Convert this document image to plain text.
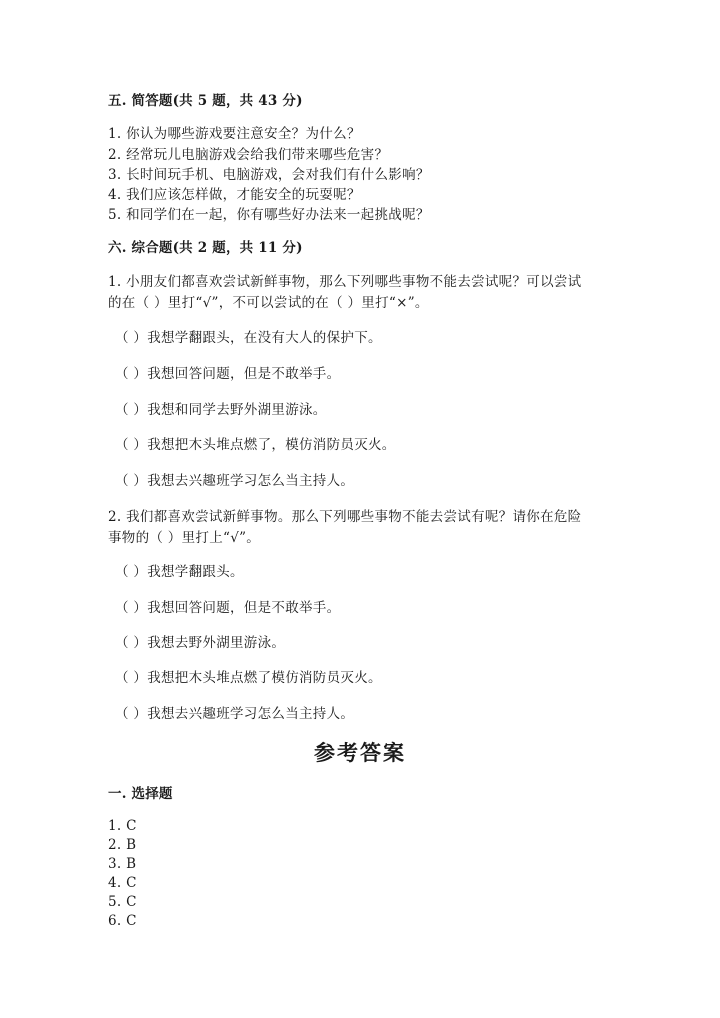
五. 简答题(共 5 题，共 43 分)
1. 你认为哪些游戏要注意安全？为什么？
2. 经常玩儿电脑游戏会给我们带来哪些危害？
3. 长时间玩手机、电脑游戏，会对我们有什么影响？
4. 我们应该怎样做，才能安全的玩耍呢？
5. 和同学们在一起，你有哪些好办法来一起挑战呢？
六. 综合题(共 2 题，共 11 分)
1. 小朋友们都喜欢尝试新鲜事物，那么下列哪些事物不能去尝试呢？可以尝试
的在（ ）里打“√”，不可以尝试的在（ ）里打“×”。
（ ）我想学翻跟头，在没有大人的保护下。
（ ）我想回答问题，但是不敢举手。
（ ）我想和同学去野外湖里游泳。
（ ）我想把木头堆点燃了，模仿消防员灭火。
（ ）我想去兴趣班学习怎么当主持人。
2. 我们都喜欢尝试新鲜事物。那么下列哪些事物不能去尝试有呢？请你在危险
事物的（ ）里打上“√”。
（ ）我想学翻跟头。
（ ）我想回答问题，但是不敢举手。
（ ）我想去野外湖里游泳。
（ ）我想把木头堆点燃了模仿消防员灭火。
（ ）我想去兴趣班学习怎么当主持人。
参考答案
一. 选择题
1. C
2. B
3. B
4. C
5. C
6. C
